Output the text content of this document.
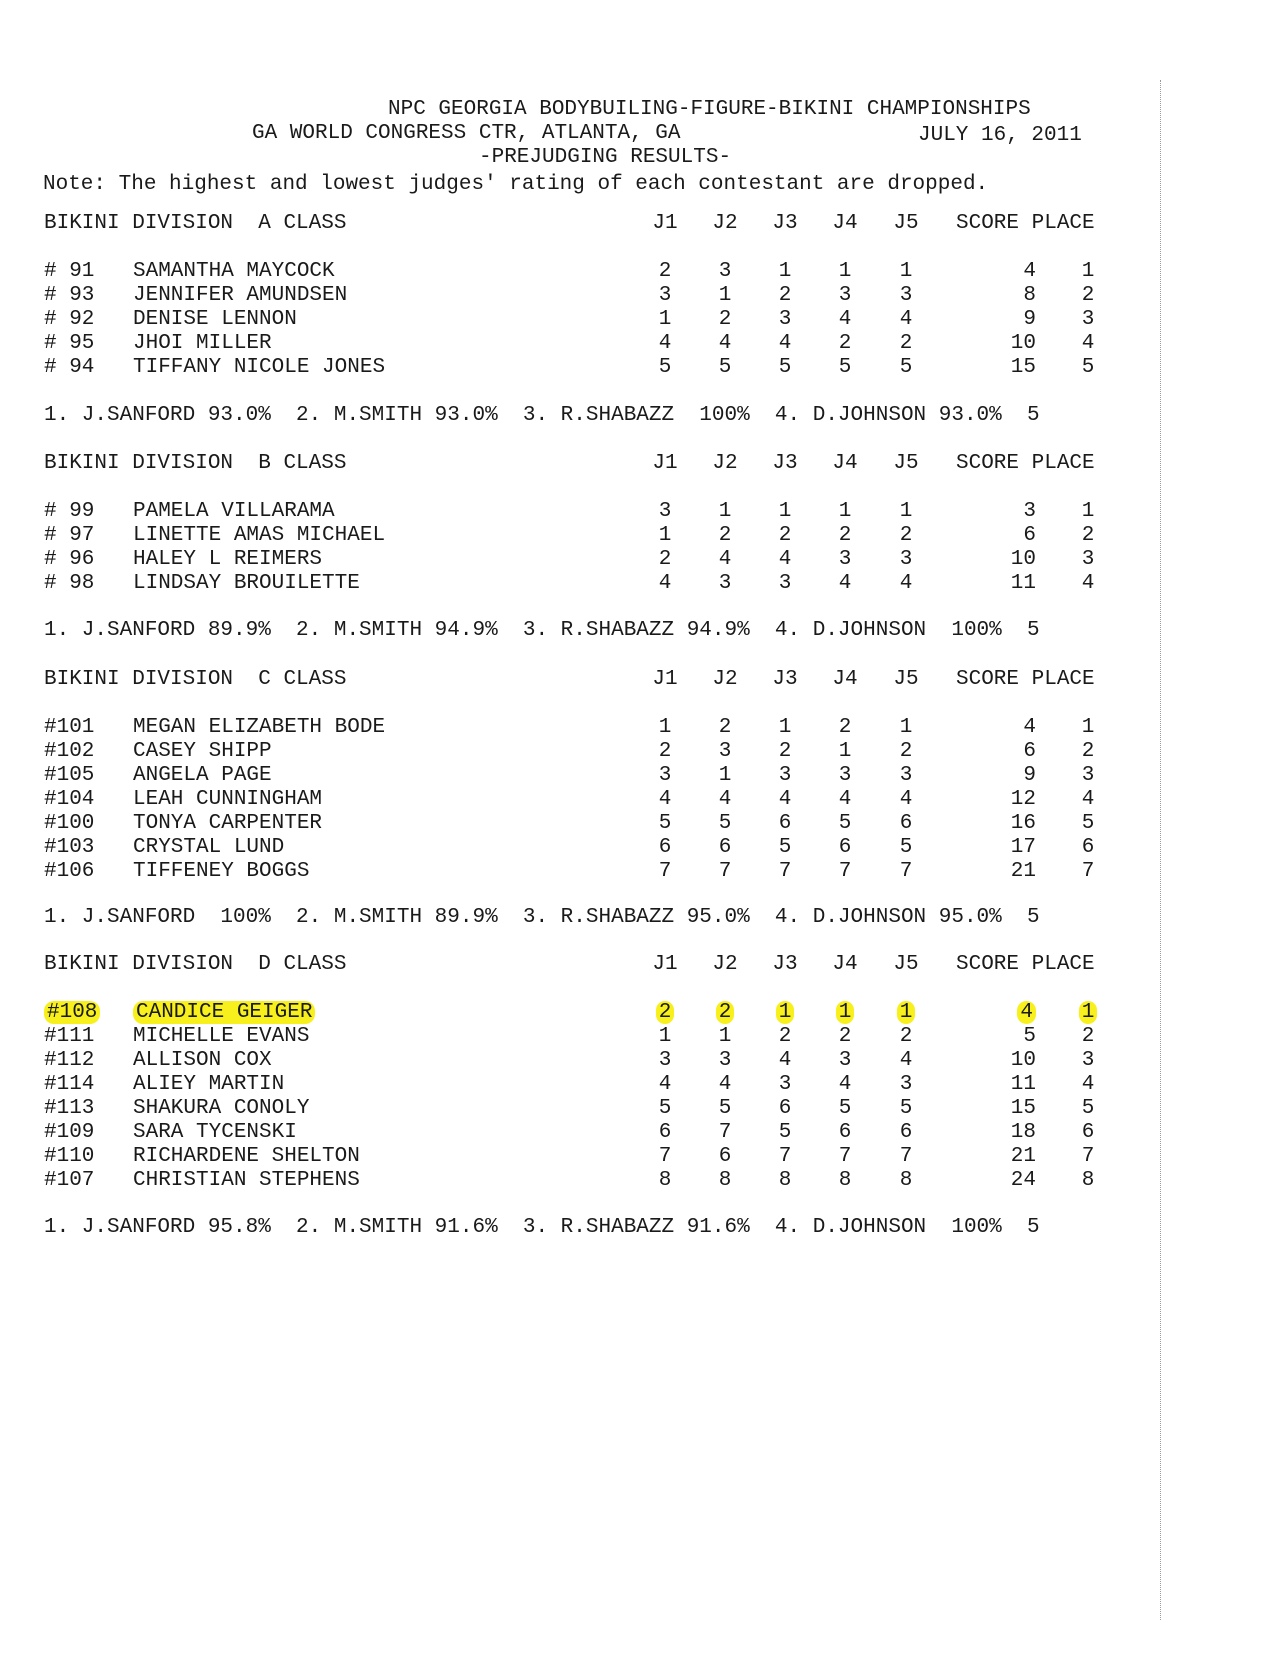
NPC GEORGIA BODYBUILING-FIGURE-BIKINI CHAMPIONSHIPS
GA WORLD CONGRESS CTR, ATLANTA, GA	JULY 16, 2011
-PREJUDGING RESULTS-
Note: The highest and lowest judges' rating of each contestant are dropped.
BIKINI DIVISION  A CLASS	J1	J2	J3	J4	J5	SCORE PLACE
# 91 SAMANTHA MAYCOCK	2	3	1	1	1	4	1
# 93 JENNIFER AMUNDSEN	3	1	2	3	3	8	2
# 92 DENISE LENNON	1	2	3	4	4	9	3
# 95 JHOI MILLER	4	4	4	2	2	10	4
# 94 TIFFANY NICOLE JONES	5	5	5	5	5	15	5
1. J.SANFORD 93.0%  2. M.SMITH 93.0%  3. R.SHABAZZ  100%  4. D.JOHNSON 93.0%  5
BIKINI DIVISION  B CLASS	J1	J2	J3	J4	J5	SCORE PLACE
# 99 PAMELA VILLARAMA	3	1	1	1	1	3	1
# 97 LINETTE AMAS MICHAEL	1	2	2	2	2	6	2
# 96 HALEY L REIMERS	2	4	4	3	3	10	3
# 98 LINDSAY BROUILETTE	4	3	3	4	4	11	4
1. J.SANFORD 89.9%  2. M.SMITH 94.9%  3. R.SHABAZZ 94.9%  4. D.JOHNSON  100%  5
BIKINI DIVISION  C CLASS	J1	J2	J3	J4	J5	SCORE PLACE
#101 MEGAN ELIZABETH BODE	1	2	1	2	1	4	1
#102 CASEY SHIPP	2	3	2	1	2	6	2
#105 ANGELA PAGE	3	1	3	3	3	9	3
#104 LEAH CUNNINGHAM	4	4	4	4	4	12	4
#100 TONYA CARPENTER	5	5	6	5	6	16	5
#103 CRYSTAL LUND	6	6	5	6	5	17	6
#106 TIFFENEY BOGGS	7	7	7	7	7	21	7
1. J.SANFORD  100%  2. M.SMITH 89.9%  3. R.SHABAZZ 95.0%  4. D.JOHNSON 95.0%  5
BIKINI DIVISION  D CLASS	J1	J2	J3	J4	J5	SCORE PLACE
#108 CANDICE GEIGER	2	2	1	1	1	4	1
#111 MICHELLE EVANS	1	1	2	2	2	5	2
#112 ALLISON COX	3	3	4	3	4	10	3
#114 ALIEY MARTIN	4	4	3	4	3	11	4
#113 SHAKURA CONOLY	5	5	6	5	5	15	5
#109 SARA TYCENSKI	6	7	5	6	6	18	6
#110 RICHARDENE SHELTON	7	6	7	7	7	21	7
#107 CHRISTIAN STEPHENS	8	8	8	8	8	24	8
1. J.SANFORD 95.8%  2. M.SMITH 91.6%  3. R.SHABAZZ 91.6%  4. D.JOHNSON  100%  5
